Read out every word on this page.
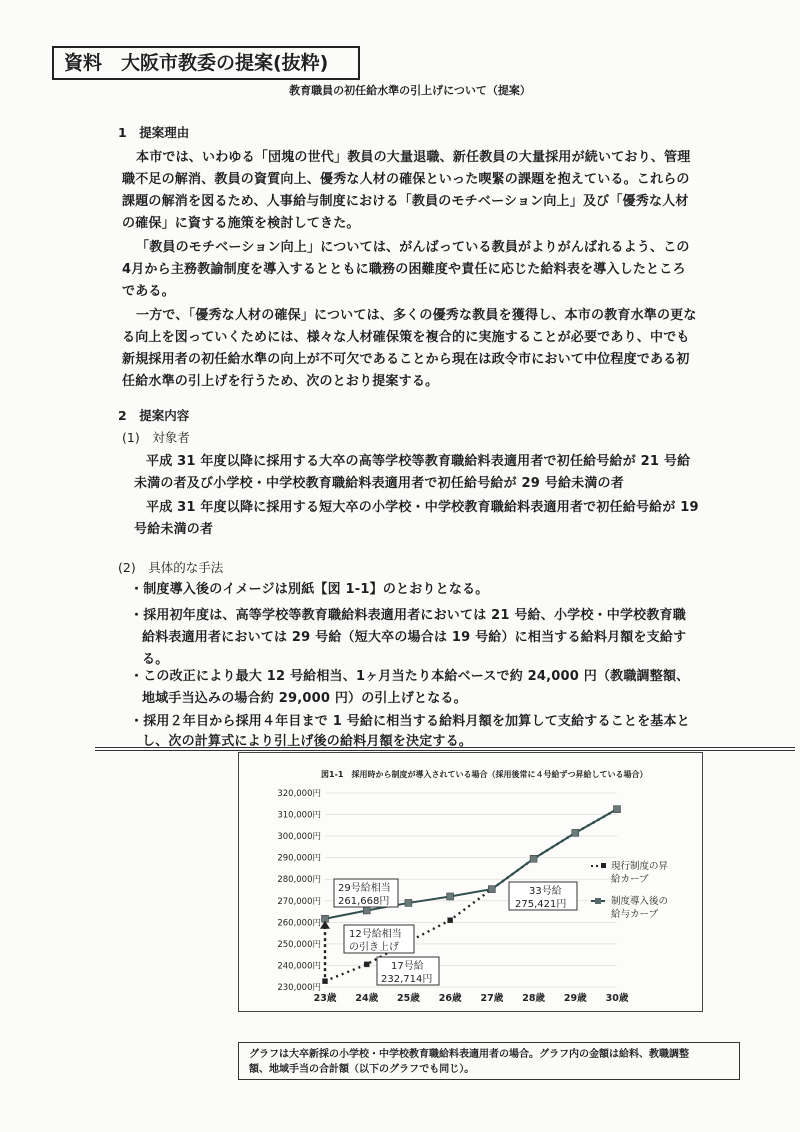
資料　大阪市教委の提案(抜粋)
教育職員の初任給水準の引上げについて（提案）
1　提案理由
本市では、いわゆる「団塊の世代」教員の大量退職、新任教員の大量採用が続いており、管理
職不足の解消、教員の資質向上、優秀な人材の確保といった喫緊の課題を抱えている。これらの
課題の解消を図るため、人事給与制度における「教員のモチベーション向上」及び「優秀な人材
の確保」に資する施策を検討してきた。
「教員のモチベーション向上」については、がんばっている教員がよりがんばれるよう、この
4月から主務教諭制度を導入するとともに職務の困難度や責任に応じた給料表を導入したところ
である。
一方で、「優秀な人材の確保」については、多くの優秀な教員を獲得し、本市の教育水準の更な
る向上を図っていくためには、様々な人材確保策を複合的に実施することが必要であり、中でも
新規採用者の初任給水準の向上が不可欠であることから現在は政令市において中位程度である初
任給水準の引上げを行うため、次のとおり提案する。
2　提案内容
(1)　対象者
平成 31 年度以降に採用する大卒の高等学校等教育職給料表適用者で初任給号給が 21 号給
未満の者及び小学校・中学校教育職給料表適用者で初任給号給が 29 号給未満の者
平成 31 年度以降に採用する短大卒の小学校・中学校教育職給料表適用者で初任給号給が 19
号給未満の者
(2)　具体的な手法
・制度導入後のイメージは別紙【図 1-1】のとおりとなる。
・採用初年度は、高等学校等教育職給料表適用者においては 21 号給、小学校・中学校教育職
給料表適用者においては 29 号給（短大卒の場合は 19 号給）に相当する給料月額を支給す
る。
・この改正により最大 12 号給相当、1ヶ月当たり本給ベースで約 24,000 円（教職調整額、
地域手当込みの場合約 29,000 円）の引上げとなる。
・採用２年目から採用４年目まで 1 号給に相当する給料月額を加算して支給することを基本と
し、次の計算式により引上げ後の給料月額を決定する。
図1-1　採用時から制度が導入されている場合（採用後常に４号給ずつ昇給している場合）
320,000円
310,000円
300,000円
290,000円
280,000円
270,000円
260,000円
250,000円
240,000円
230,000円
23歳 24歳 25歳 26歳 27歳 28歳 29歳 30歳
29号給相当
261,668円
12号給相当
の引き上げ
17号給
232,714円
33号給
275,421円
現行制度の昇
給カーブ
制度導入後の
給与カーブ
グラフは大卒新採の小学校・中学校教育職給料表適用者の場合。グラフ内の金額は給料、教職調整
額、地域手当の合計額（以下のグラフでも同じ）。
